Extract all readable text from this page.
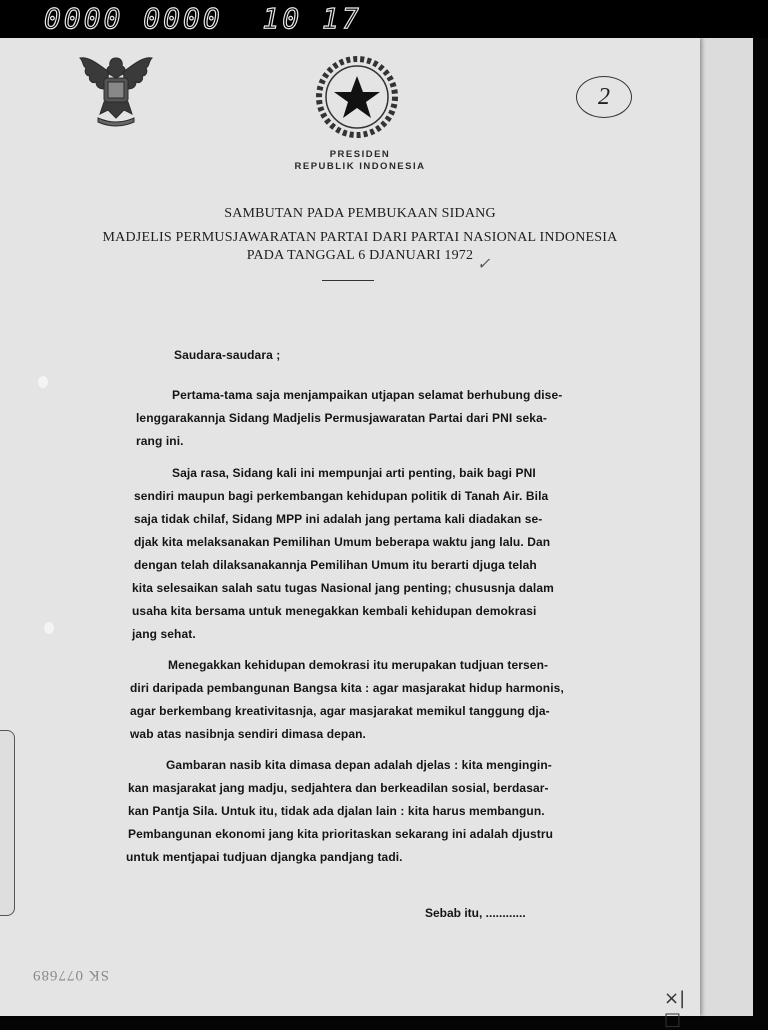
0000 0000  10 17
2
PRESIDEN
REPUBLIK INDONESIA
SAMBUTAN PADA PEMBUKAAN SIDANG
MADJELIS PERMUSJAWARATAN PARTAI DARI PARTAI NASIONAL INDONESIA
PADA TANGGAL 6 DJANUARI 1972
✓
Saudara-saudara ;
Pertama-tama saja menjampaikan utjapan selamat berhubung dise-
lenggarakannja Sidang Madjelis Permusjawaratan Partai dari PNI seka-
rang ini.
Saja rasa, Sidang kali ini mempunjai arti penting, baik bagi PNI
sendiri maupun bagi perkembangan kehidupan politik di Tanah Air. Bila
saja tidak chilaf, Sidang MPP ini adalah jang pertama kali diadakan se-
djak kita melaksanakan Pemilihan Umum beberapa waktu jang lalu. Dan
dengan telah dilaksanakannja Pemilihan Umum itu berarti djuga telah
kita selesaikan salah satu tugas Nasional jang penting; chususnja dalam
usaha kita bersama untuk menegakkan kembali kehidupan demokrasi
jang sehat.
Menegakkan kehidupan demokrasi itu merupakan tudjuan tersen-
diri daripada pembangunan Bangsa kita : agar masjarakat hidup harmonis,
agar berkembang kreativitasnja, agar masjarakat memikul tanggung dja-
wab atas nasibnja sendiri dimasa depan.
Gambaran nasib kita dimasa depan adalah djelas : kita mengingin-
kan masjarakat jang madju, sedjahtera dan berkeadilan sosial, berdasar-
kan Pantja Sila. Untuk itu, tidak ada djalan lain : kita harus membangun.
Pembangunan ekonomi jang kita prioritaskan sekarang ini adalah djustru
untuk mentjapai tudjuan djangka pandjang tadi.
Sebab itu, ............
SK 077689
×|□
